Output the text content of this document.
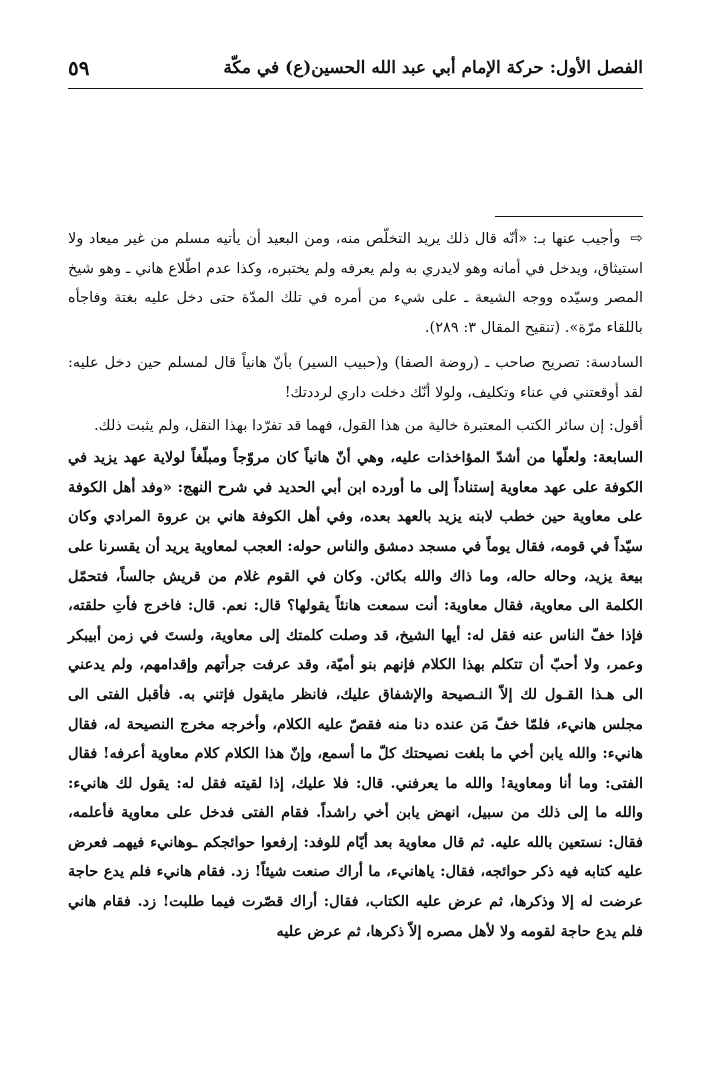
الفصل الأول: حركة الإمام أبي عبد الله الحسين(ع) في مكّة
٥٩

⇨وأجيب عنها بـ: «أنّه قال ذلك يريد التخلّص منه، ومن البعيد أن يأتيه مسلم من غير ميعاد ولا استيثاق، ويدخل في أمانه وهو لايدري به ولم يعرفه ولم يختبره، وكذا عدم اطّلاع هاني ـ وهو شيخ المصر وسيّده ووجه الشيعة ـ على شيء من أمره في تلك المدّة حتى دخل عليه بغتة وفاجأه باللقاء مرّة». (تنقيح المقال ٣: ٢٨٩).

السادسة: تصريح صاحب ـ (روضة الصفا) و(حبيب السير) بأنّ هانياً قال لمسلم حين دخل عليه: لقد أوقعتني في عناء وتكليف، ولولا أنّك دخلت داري لرددتك!

أقول: إن سائر الكتب المعتبرة خالية من هذا القول، فهما قد تفرّدا بهذا النقل، ولم يثبت ذلك.

السابعة: ولعلّها من أشدّ المؤاخذات عليه، وهي أنّ هانياً كان مروّجاً ومبلّغاً لولاية عهد يزيد في الكوفة على عهد معاوية إستناداً إلى ما أورده ابن أبي الحديد في شرح النهج: «وفد أهل الكوفة على معاوية حين خطب لابنه يزيد بالعهد بعده، وفي أهل الكوفة هاني بن عروة المرادي وكان سيّداً في قومه، فقال يوماً في مسجد دمشق والناس حوله: العجب لمعاوية يريد أن يقسرنا على بيعة يزيد، وحاله حاله، وما ذاك والله بكائن. وكان في القوم غلام من قريش جالساً، فتحمّل الكلمة الى معاوية، فقال معاوية: أنت سمعت هانئاً يقولها؟ قال: نعم. قال: فاخرج فأتِ حلقته، فإذا خفّ الناس عنه فقل له: أيها الشيخ، قد وصلت كلمتك إلى معاوية، ولستَ في زمن أبيبكر وعمر، ولا أحبّ أن تتكلم بهذا الكلام فإنهم بنو أميّة، وقد عرفت جرأتهم وإقدامهم، ولم يدعني الى هـذا القـول لك إلاّ النـصيحة والإشفاق عليك، فانظر مايقول فإتني به. فأقبل الفتى الى مجلس هانيء، فلمّا خفّ مَن عنده دنا منه فقصّ عليه الكلام، وأخرجه مخرج النصيحة له، فقال هانيء: والله يابن أخي ما بلغت نصيحتك كلّ ما أسمع، وإنّ هذا الكلام كلام معاوية أعرفه! فقال الفتى: وما أنا ومعاوية! والله ما يعرفني. قال: فلا عليك، إذا لقيته فقل له: يقول لك هانيء: والله ما إلى ذلك من سبيل، انهض يابن أخي راشداً. فقام الفتى فدخل على معاوية فأعلمه، فقال: نستعين بالله عليه. ثم قال معاوية بعد أيّام للوفد: إرفعوا حوائجكم ـوهانيء فيهمـ فعرض عليه كتابه فيه ذكر حوائجه، فقال: ياهانيء، ما أراك صنعت شيئاً! زد. فقام هانيء فلم يدع حاجة عرضت له إلا وذكرها، ثم عرض عليه الكتاب، فقال: أراك قصّرت فيما طلبت! زد. فقام هاني فلم يدع حاجة لقومه ولا لأهل مصره إلاّ ذكرها، ثم عرض عليه
